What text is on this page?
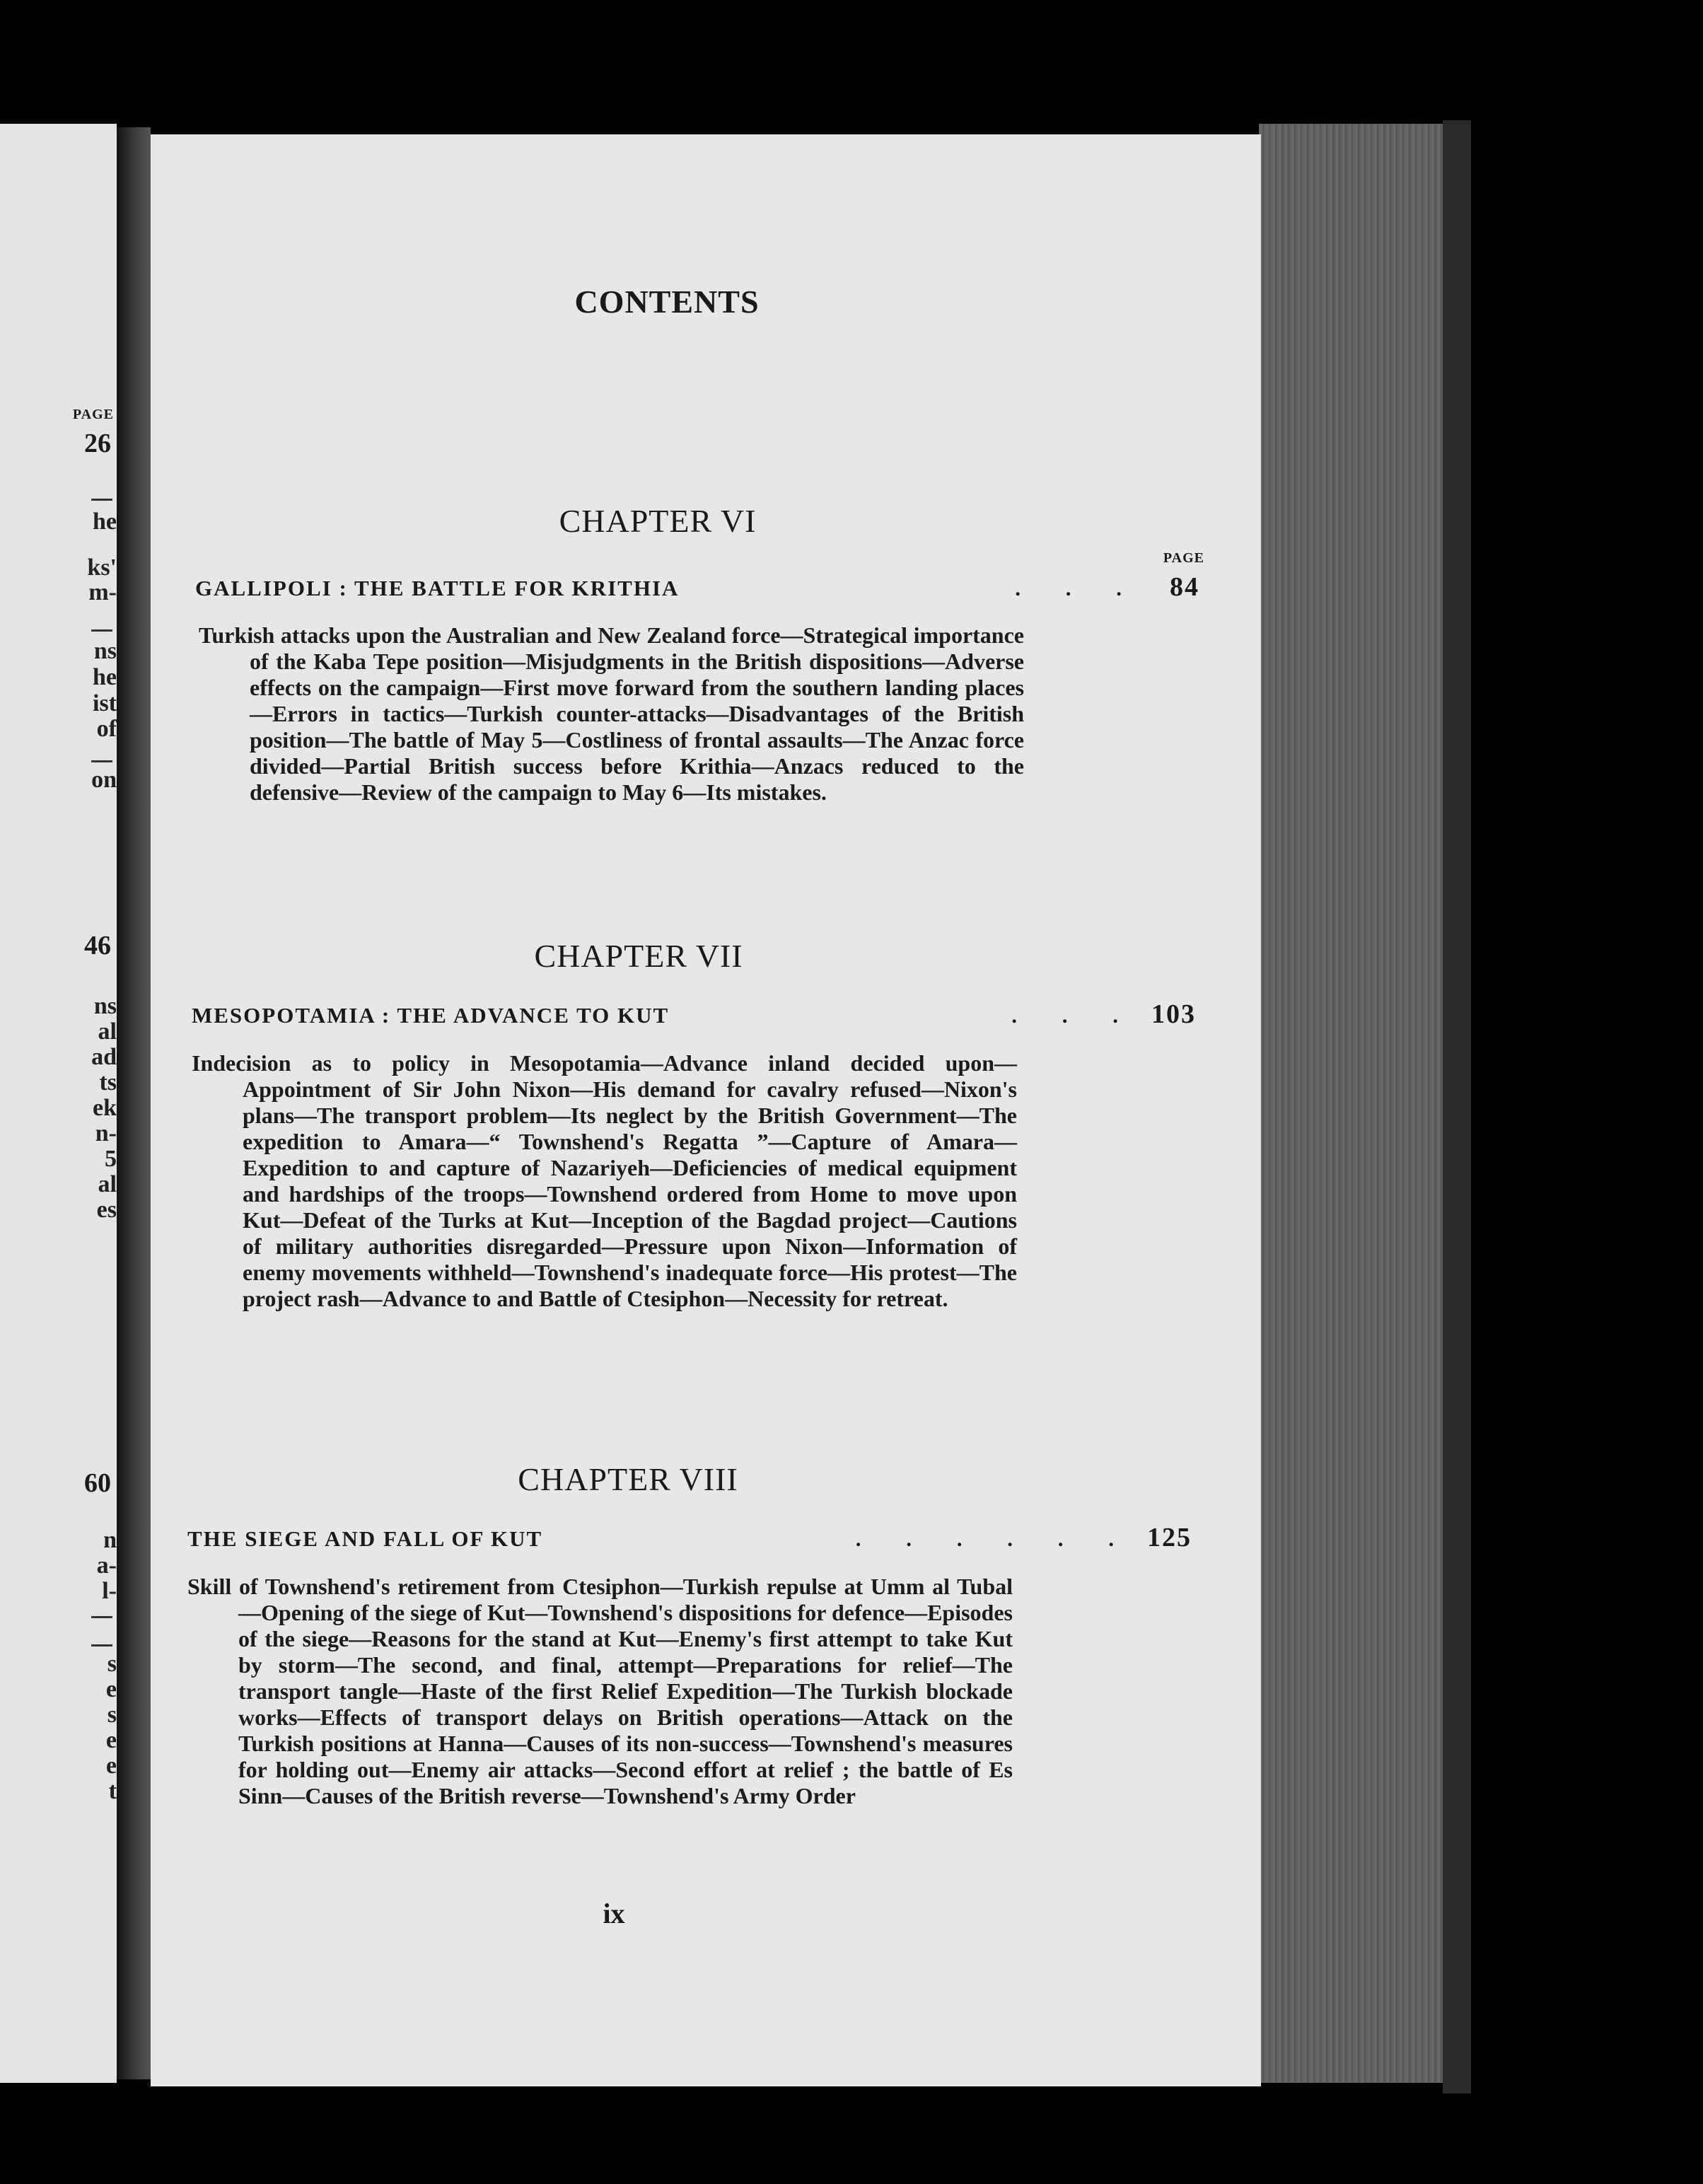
PAGE
26
he
ks'
m-
ns
he
ist
of
on
46
ns
al
ad
ts
ek
n-
5
al
es
60
n
a-
l-
s
e
s
e
e
t
CONTENTS
CHAPTER VI
PAGE
GALLIPOLI : THE BATTLE FOR KRITHIA	. . .	84
Turkish attacks upon the Australian and New Zealand force—Strategical importance of the Kaba Tepe position—Misjudgments in the British dispositions—Adverse effects on the campaign—First move forward from the southern landing places—Errors in tactics—Turkish counter-attacks—Disadvantages of the British position—The battle of May 5—Costliness of frontal assaults—The Anzac force divided—Partial British success before Krithia—Anzacs reduced to the defensive—Review of the campaign to May 6—Its mistakes.
CHAPTER VII
MESOPOTAMIA : THE ADVANCE TO KUT	. . . 103
Indecision as to policy in Mesopotamia—Advance inland decided upon—Appointment of Sir John Nixon—His demand for cavalry refused—Nixon's plans—The transport problem—Its neglect by the British Government—The expedition to Amara—“ Townshend's Regatta ”—Capture of Amara—Expedition to and capture of Nazariyeh—Deficiencies of medical equipment and hardships of the troops—Townshend ordered from Home to move upon Kut—Defeat of the Turks at Kut—Inception of the Bagdad project—Cautions of military authorities disregarded—Pressure upon Nixon—Information of enemy movements withheld—Townshend's inadequate force—His protest—The project rash—Advance to and Battle of Ctesiphon—Necessity for retreat.
CHAPTER VIII
THE SIEGE AND FALL OF KUT	. . . . . . 125
Skill of Townshend's retirement from Ctesiphon—Turkish repulse at Umm al Tubal—Opening of the siege of Kut—Townshend's dispositions for defence—Episodes of the siege—Reasons for the stand at Kut—Enemy's first attempt to take Kut by storm—The second, and final, attempt—Preparations for relief—The transport tangle—Haste of the first Relief Expedition—The Turkish blockade works—Effects of transport delays on British operations—Attack on the Turkish positions at Hanna—Causes of its non-success—Townshend's measures for holding out—Enemy air attacks—Second effort at relief ; the battle of Es Sinn—Causes of the British reverse—Townshend's Army Order
ix
